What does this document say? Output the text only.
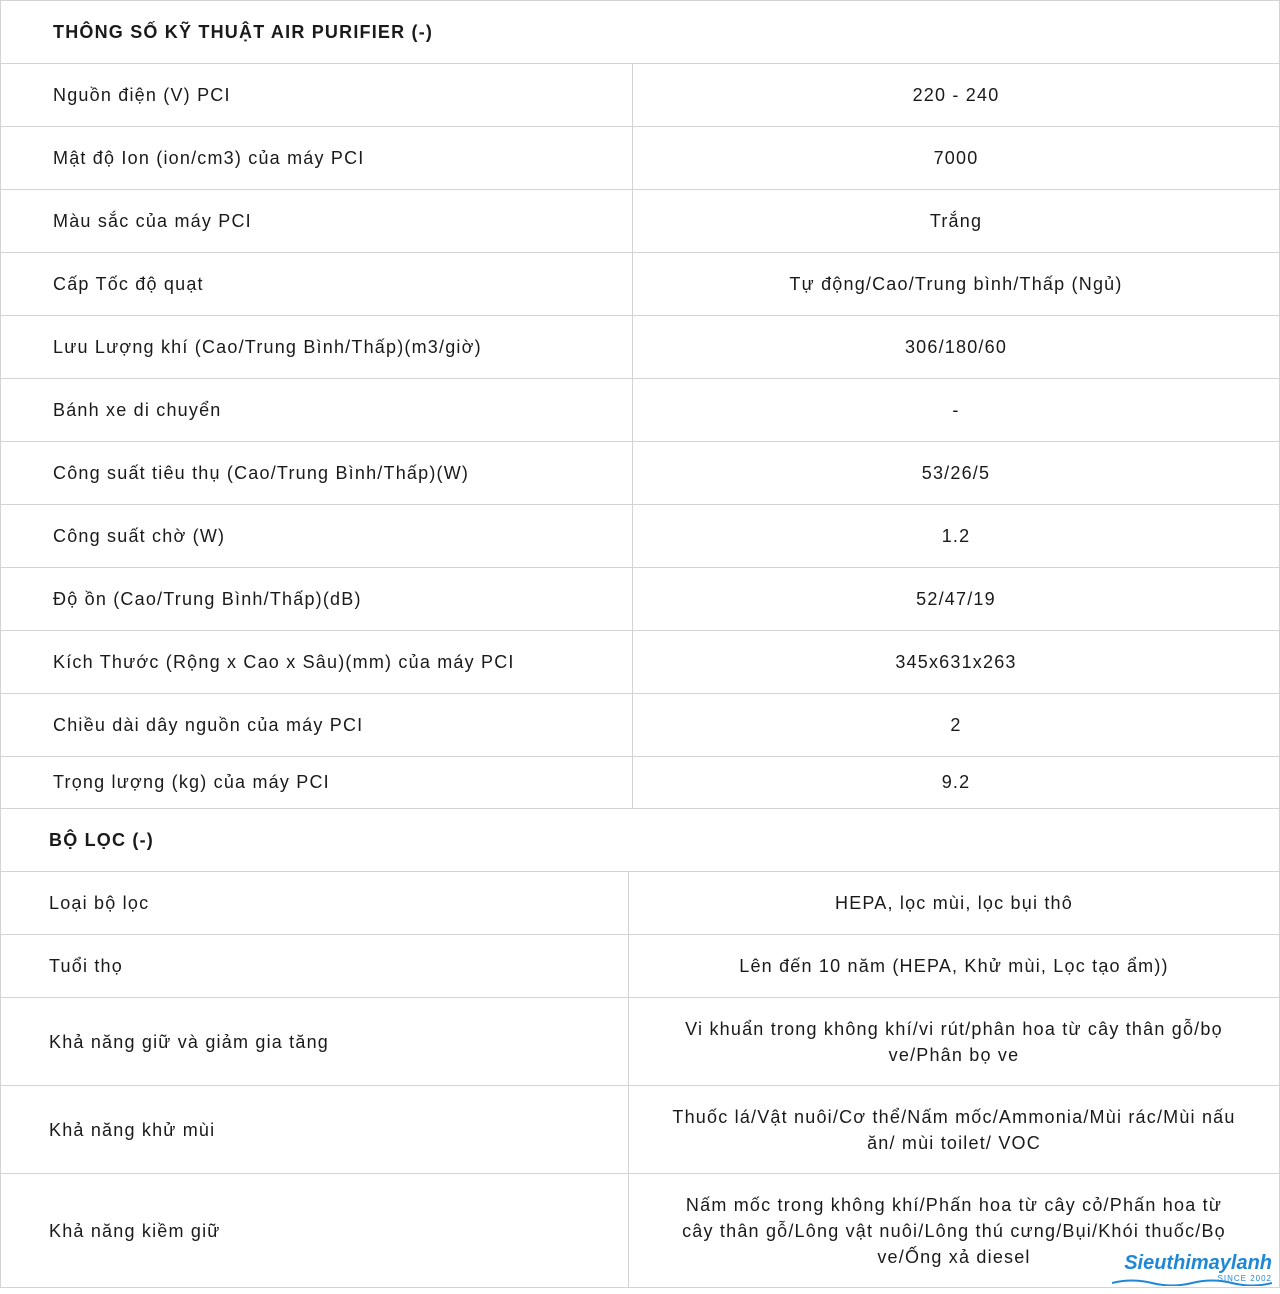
THÔNG SỐ KỸ THUẬT AIR PURIFIER (-)
Nguồn điện (V) PCI	220 - 240
Mật độ Ion (ion/cm3) của máy PCI	7000
Màu sắc của máy PCI	Trắng
Cấp Tốc độ quạt	Tự động/Cao/Trung bình/Thấp (Ngủ)
Lưu Lượng khí (Cao/Trung Bình/Thấp)(m3/giờ)	306/180/60
Bánh xe di chuyển	-
Công suất tiêu thụ (Cao/Trung Bình/Thấp)(W)	53/26/5
Công suất chờ (W)	1.2
Độ ồn (Cao/Trung Bình/Thấp)(dB)	52/47/19
Kích Thước (Rộng x Cao x Sâu)(mm) của máy PCI	345x631x263
Chiều dài dây nguồn của máy PCI	2
Trọng lượng (kg) của máy PCI	9.2
BỘ LỌC (-)
Loại bộ lọc	HEPA, lọc mùi, lọc bụi thô
Tuổi thọ	Lên đến 10 năm (HEPA, Khử mùi, Lọc tạo ẩm))
Khả năng giữ và giảm gia tăng	Vi khuẩn trong không khí/vi rút/phân hoa từ cây thân gỗ/bọ ve/Phân bọ ve
Khả năng khử mùi	Thuốc lá/Vật nuôi/Cơ thể/Nấm mốc/Ammonia/Mùi rác/Mùi nấu ăn/ mùi toilet/ VOC
Khả năng kiềm giữ	Nấm mốc trong không khí/Phấn hoa từ cây cỏ/Phấn hoa từ cây thân gỗ/Lông vật nuôi/Lông thú cưng/Bụi/Khói thuốc/Bọ ve/Ống xả diesel	Sieuthimaylanh
SINCE 2002
